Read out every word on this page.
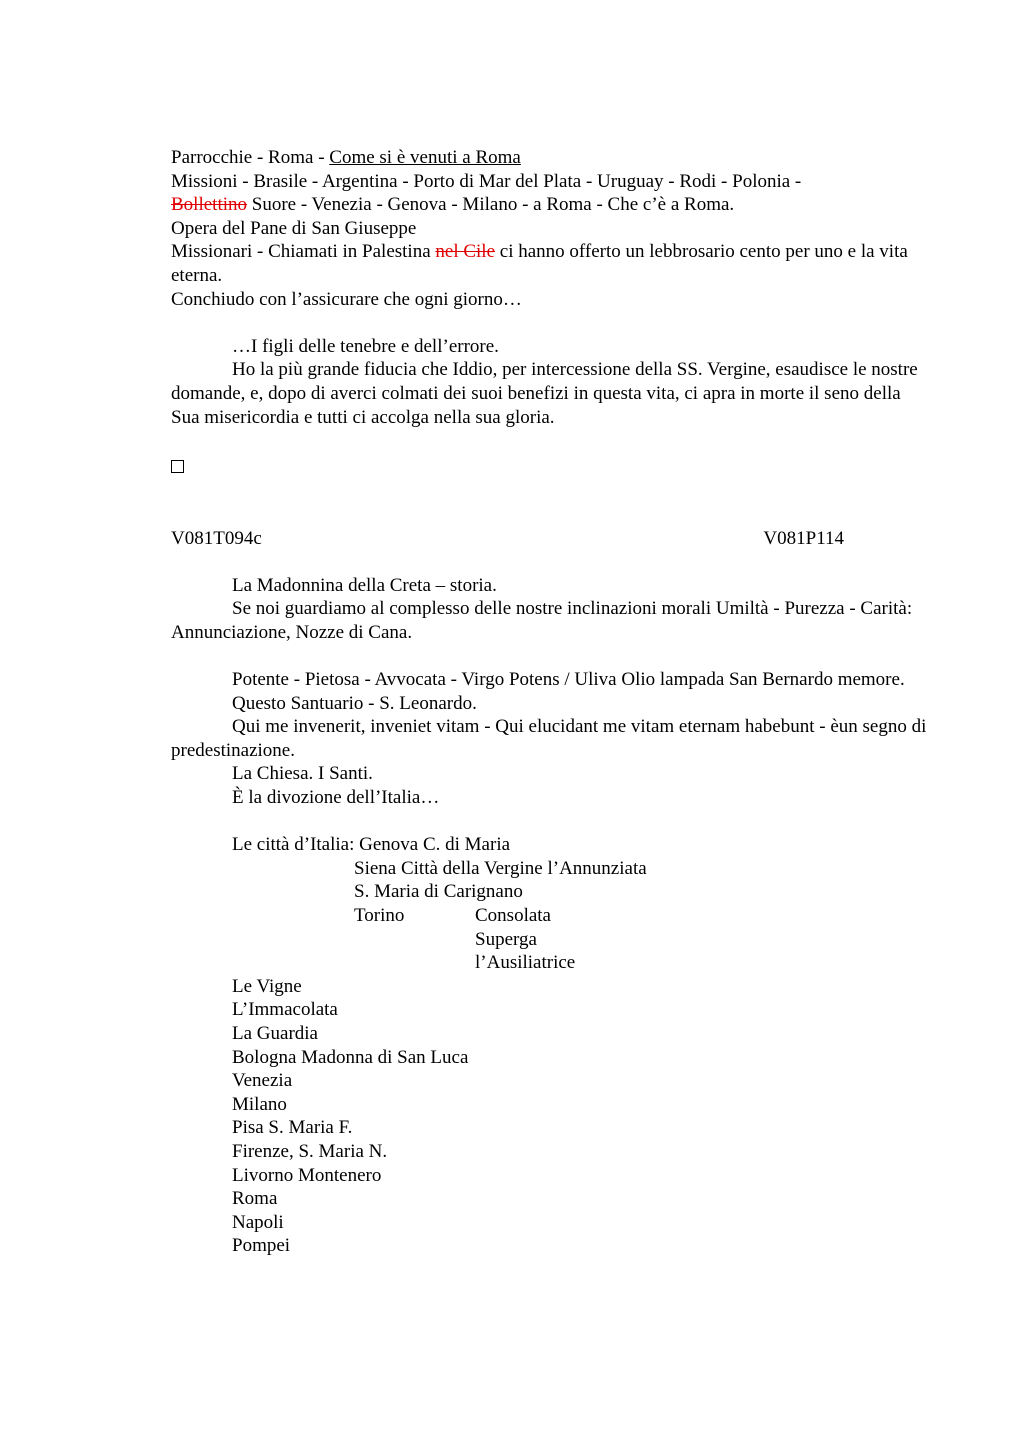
Parrocchie - Roma - Come si è venuti a Roma
Missioni - Brasile - Argentina - Porto di Mar del Plata - Uruguay - Rodi - Polonia -
Bollettino Suore - Venezia - Genova - Milano - a Roma - Che c’è a Roma.
Opera del Pane di San Giuseppe
Missionari - Chiamati in Palestina nel Cile ci hanno offerto un lebbrosario cento per uno e la vita eterna.
Conchiudo con l’assicurare che ogni giorno…
…I figli delle tenebre e dell’errore.
Ho la più grande fiducia che Iddio, per intercessione della SS. Vergine, esaudisce le nostre domande, e, dopo di averci colmati dei suoi benefizi in questa vita, ci apra in morte il seno della Sua misericordia e tutti ci accolga nella sua gloria.
V081T094c	V081P114
La Madonnina della Creta – storia.
Se noi guardiamo al complesso delle nostre inclinazioni morali Umiltà - Purezza - Carità: Annunciazione, Nozze di Cana.
Potente - Pietosa - Avvocata - Virgo Potens / Uliva Olio lampada San Bernardo memore.
Questo Santuario - S. Leonardo.
Qui me invenerit, inveniet vitam - Qui elucidant me vitam eternam habebunt - èun segno di predestinazione.
La Chiesa. I Santi.
È la divozione dell’Italia…
Le città d’Italia: Genova C. di Maria
Siena Città della Vergine l’Annunziata
S. Maria di Carignano
Torino	Consolata
Superga
l’Ausiliatrice
Le Vigne
L’Immacolata
La Guardia
Bologna Madonna di San Luca
Venezia
Milano
Pisa S. Maria F.
Firenze, S. Maria N.
Livorno Montenero
Roma
Napoli
Pompei
